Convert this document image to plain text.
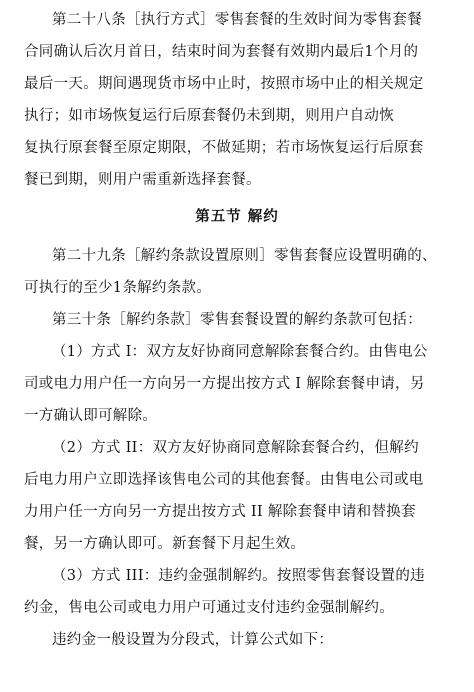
第二十八条［执行方式］零售套餐的生效时间为零售套餐
合同确认后次月首日，结束时间为套餐有效期内最后1个月的
最后一天。期间遇现货市场中止时，按照市场中止的相关规定
执行；如市场恢复运行后原套餐仍未到期，则用户自动恢
复执行原套餐至原定期限，不做延期；若市场恢复运行后原套
餐已到期，则用户需重新选择套餐。
第五节 解约
第二十九条［解约条款设置原则］零售套餐应设置明确的、
可执行的至少1条解约条款。
第三十条［解约条款］零售套餐设置的解约条款可包括：
（1）方式 I：双方友好协商同意解除套餐合约。由售电公
司或电力用户任一方向另一方提出按方式 I 解除套餐申请，另
一方确认即可解除。
（2）方式 II：双方友好协商同意解除套餐合约，但解约
后电力用户立即选择该售电公司的其他套餐。由售电公司或电
力用户任一方向另一方提出按方式 II 解除套餐申请和替换套
餐，另一方确认即可。新套餐下月起生效。
（3）方式 III：违约金强制解约。按照零售套餐设置的违
约金，售电公司或电力用户可通过支付违约金强制解约。
违约金一般设置为分段式，计算公式如下：
